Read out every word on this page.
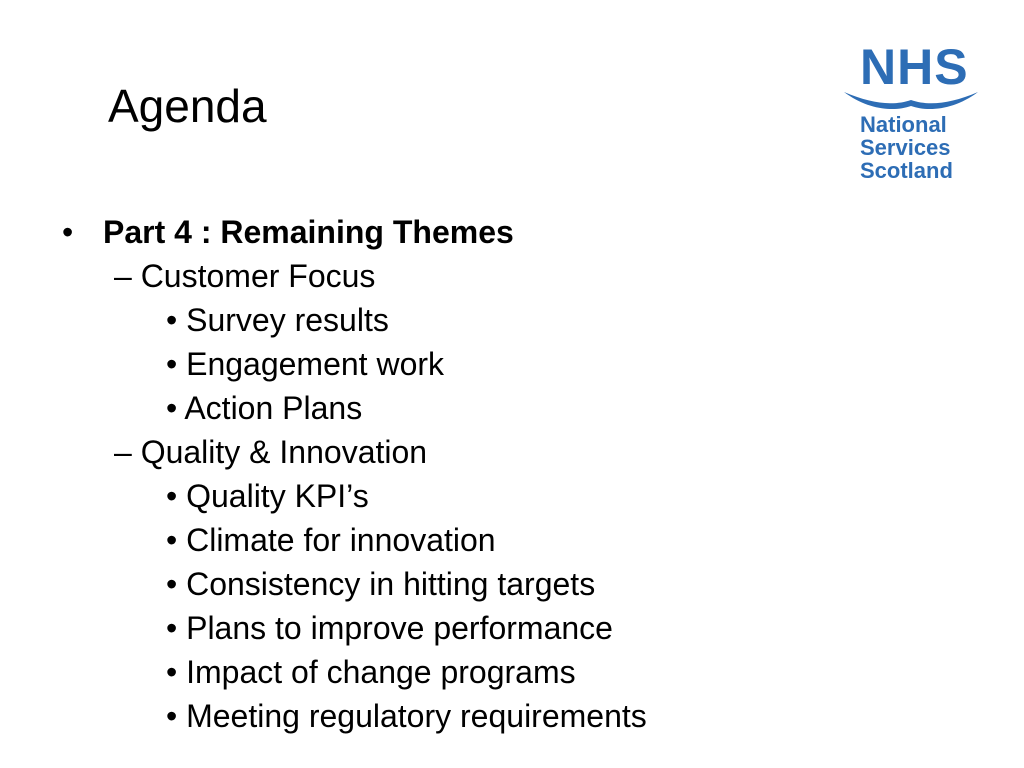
Agenda
NHS
National
Services
Scotland
• Part 4 : Remaining Themes
– Customer Focus
• Survey results
• Engagement work
• Action Plans
– Quality & Innovation
• Quality KPI’s
• Climate for innovation
• Consistency in hitting targets
• Plans to improve performance
• Impact of change programs
• Meeting regulatory requirements
